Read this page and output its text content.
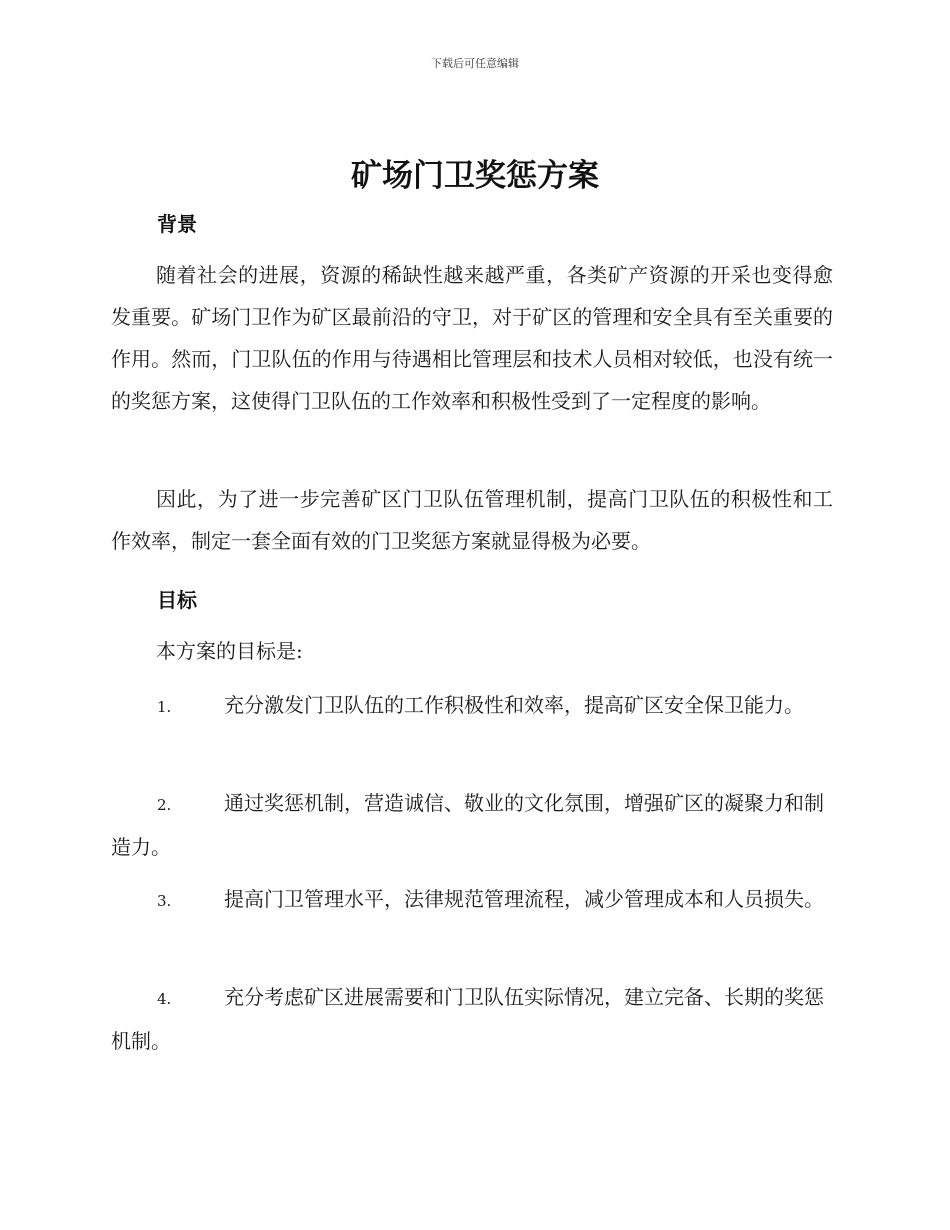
下载后可任意编辑
矿场门卫奖惩方案
背景

随着社会的进展，资源的稀缺性越来越严重，各类矿产资源的开采也变得愈发重要。矿场门卫作为矿区最前沿的守卫，对于矿区的管理和安全具有至关重要的作用。然而，门卫队伍的作用与待遇相比管理层和技术人员相对较低，也没有统一的奖惩方案，这使得门卫队伍的工作效率和积极性受到了一定程度的影响。

因此，为了进一步完善矿区门卫队伍管理机制，提高门卫队伍的积极性和工作效率，制定一套全面有效的门卫奖惩方案就显得极为必要。

目标

本方案的目标是:

1.	充分激发门卫队伍的工作积极性和效率，提高矿区安全保卫能力。

2.	通过奖惩机制，营造诚信、敬业的文化氛围，增强矿区的凝聚力和制造力。

3.	提高门卫管理水平，法律规范管理流程，减少管理成本和人员损失。

4.	充分考虑矿区进展需要和门卫队伍实际情况，建立完备、长期的奖惩机制。
